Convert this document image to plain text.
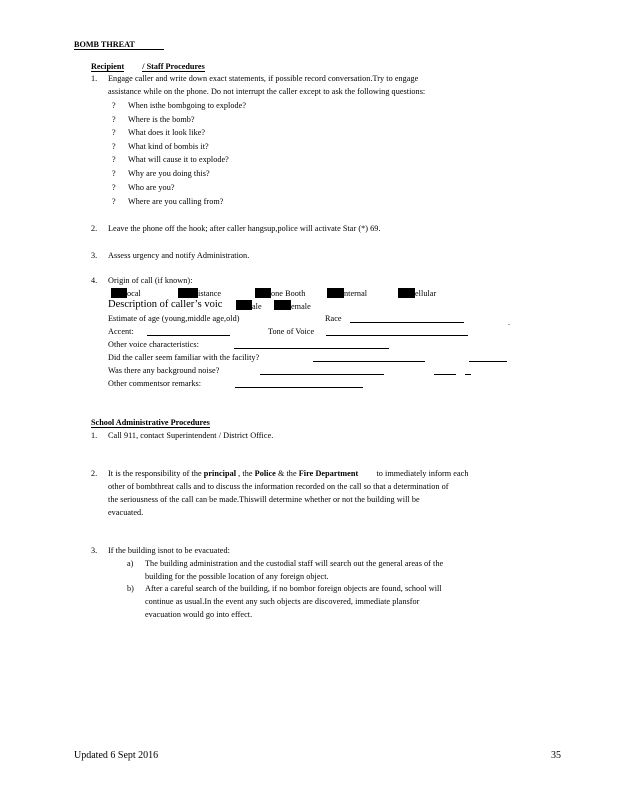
BOMB THREAT
Recipient / Staff Procedures
1. Engage caller and write down exact statements, if possible record conversation.Try to engage
assistance while on the phone. Do not interrupt the caller except to ask the following questions:
? When isthe bombgoing to explode?
? Where is the bomb?
? What does it look like?
? What kind of bombis it?
? What will cause it to explode?
? Why are you doing this?
? Who are you?
? Where are you calling from?
2. Leave the phone off the hook; after caller hangsup,police will activate Star (*) 69.
3. Assess urgency and notify Administration.
4. Origin of call (if known):
ocal	istance	one Booth	nternal	ellular
Description of caller’s voic	ale	emale
Estimate of age (young,middle age,old)	Race	.
Accent:	Tone of Voice
Other voice characteristics:
Did the caller seem familiar with the facility?
Was there any background noise?
Other commentsor remarks:
School Administrative Procedures
1. Call 911, contact Superintendent / District Office.
2. It is the responsibility of the principal , the Police & the Fire Department to immediately inform each
other of bombthreat calls and to discuss the information recorded on the call so that a determination of
the seriousness of the call can be made.Thiswill determine whether or not the building will be
evacuated.
3. If the building isnot to be evacuated:
a) The building administration and the custodial staff will search out the general areas of the
building for the possible location of any foreign object.
b) After a careful search of the building, if no bombor foreign objects are found, school will
continue as usual.In the event any such objects are discovered, immediate plansfor
evacuation would go into effect.
Updated 6 Sept 2016	35
